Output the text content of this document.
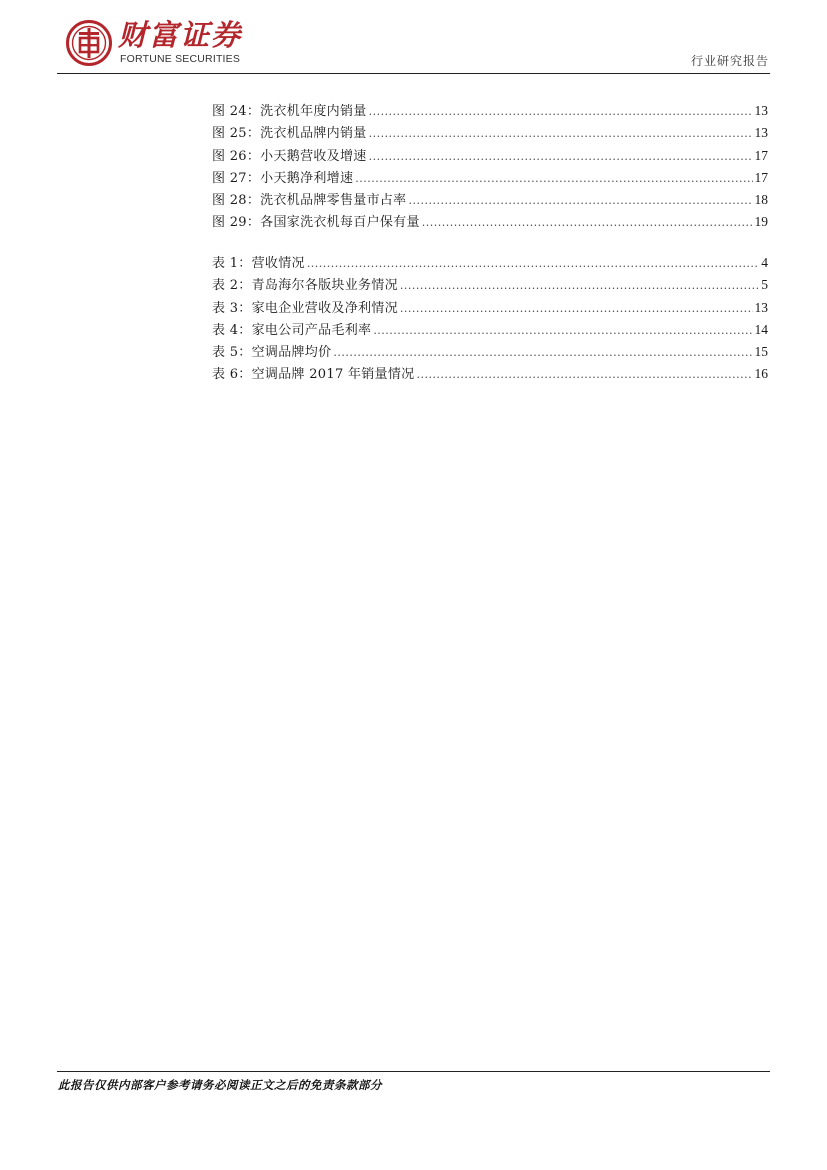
财富证券
FORTUNE SECURITIES	行业研究报告
图 24：洗衣机年度内销量 .....	13
图 25：洗衣机品牌内销量 .....	13
图 26：小天鹅营收及增速 .....	17
图 27：小天鹅净利增速 .....	17
图 28：洗衣机品牌零售量市占率 .....	18
图 29：各国家洗衣机每百户保有量 .....	19
表 1：营收情况 .....	4
表 2：青岛海尔各版块业务情况 .....	5
表 3：家电企业营收及净利情况 .....	13
表 4：家电公司产品毛利率 .....	14
表 5：空调品牌均价 .....	15
表 6：空调品牌 2017 年销量情况 .....	16
此报告仅供内部客户参考请务必阅读正文之后的免责条款部分
